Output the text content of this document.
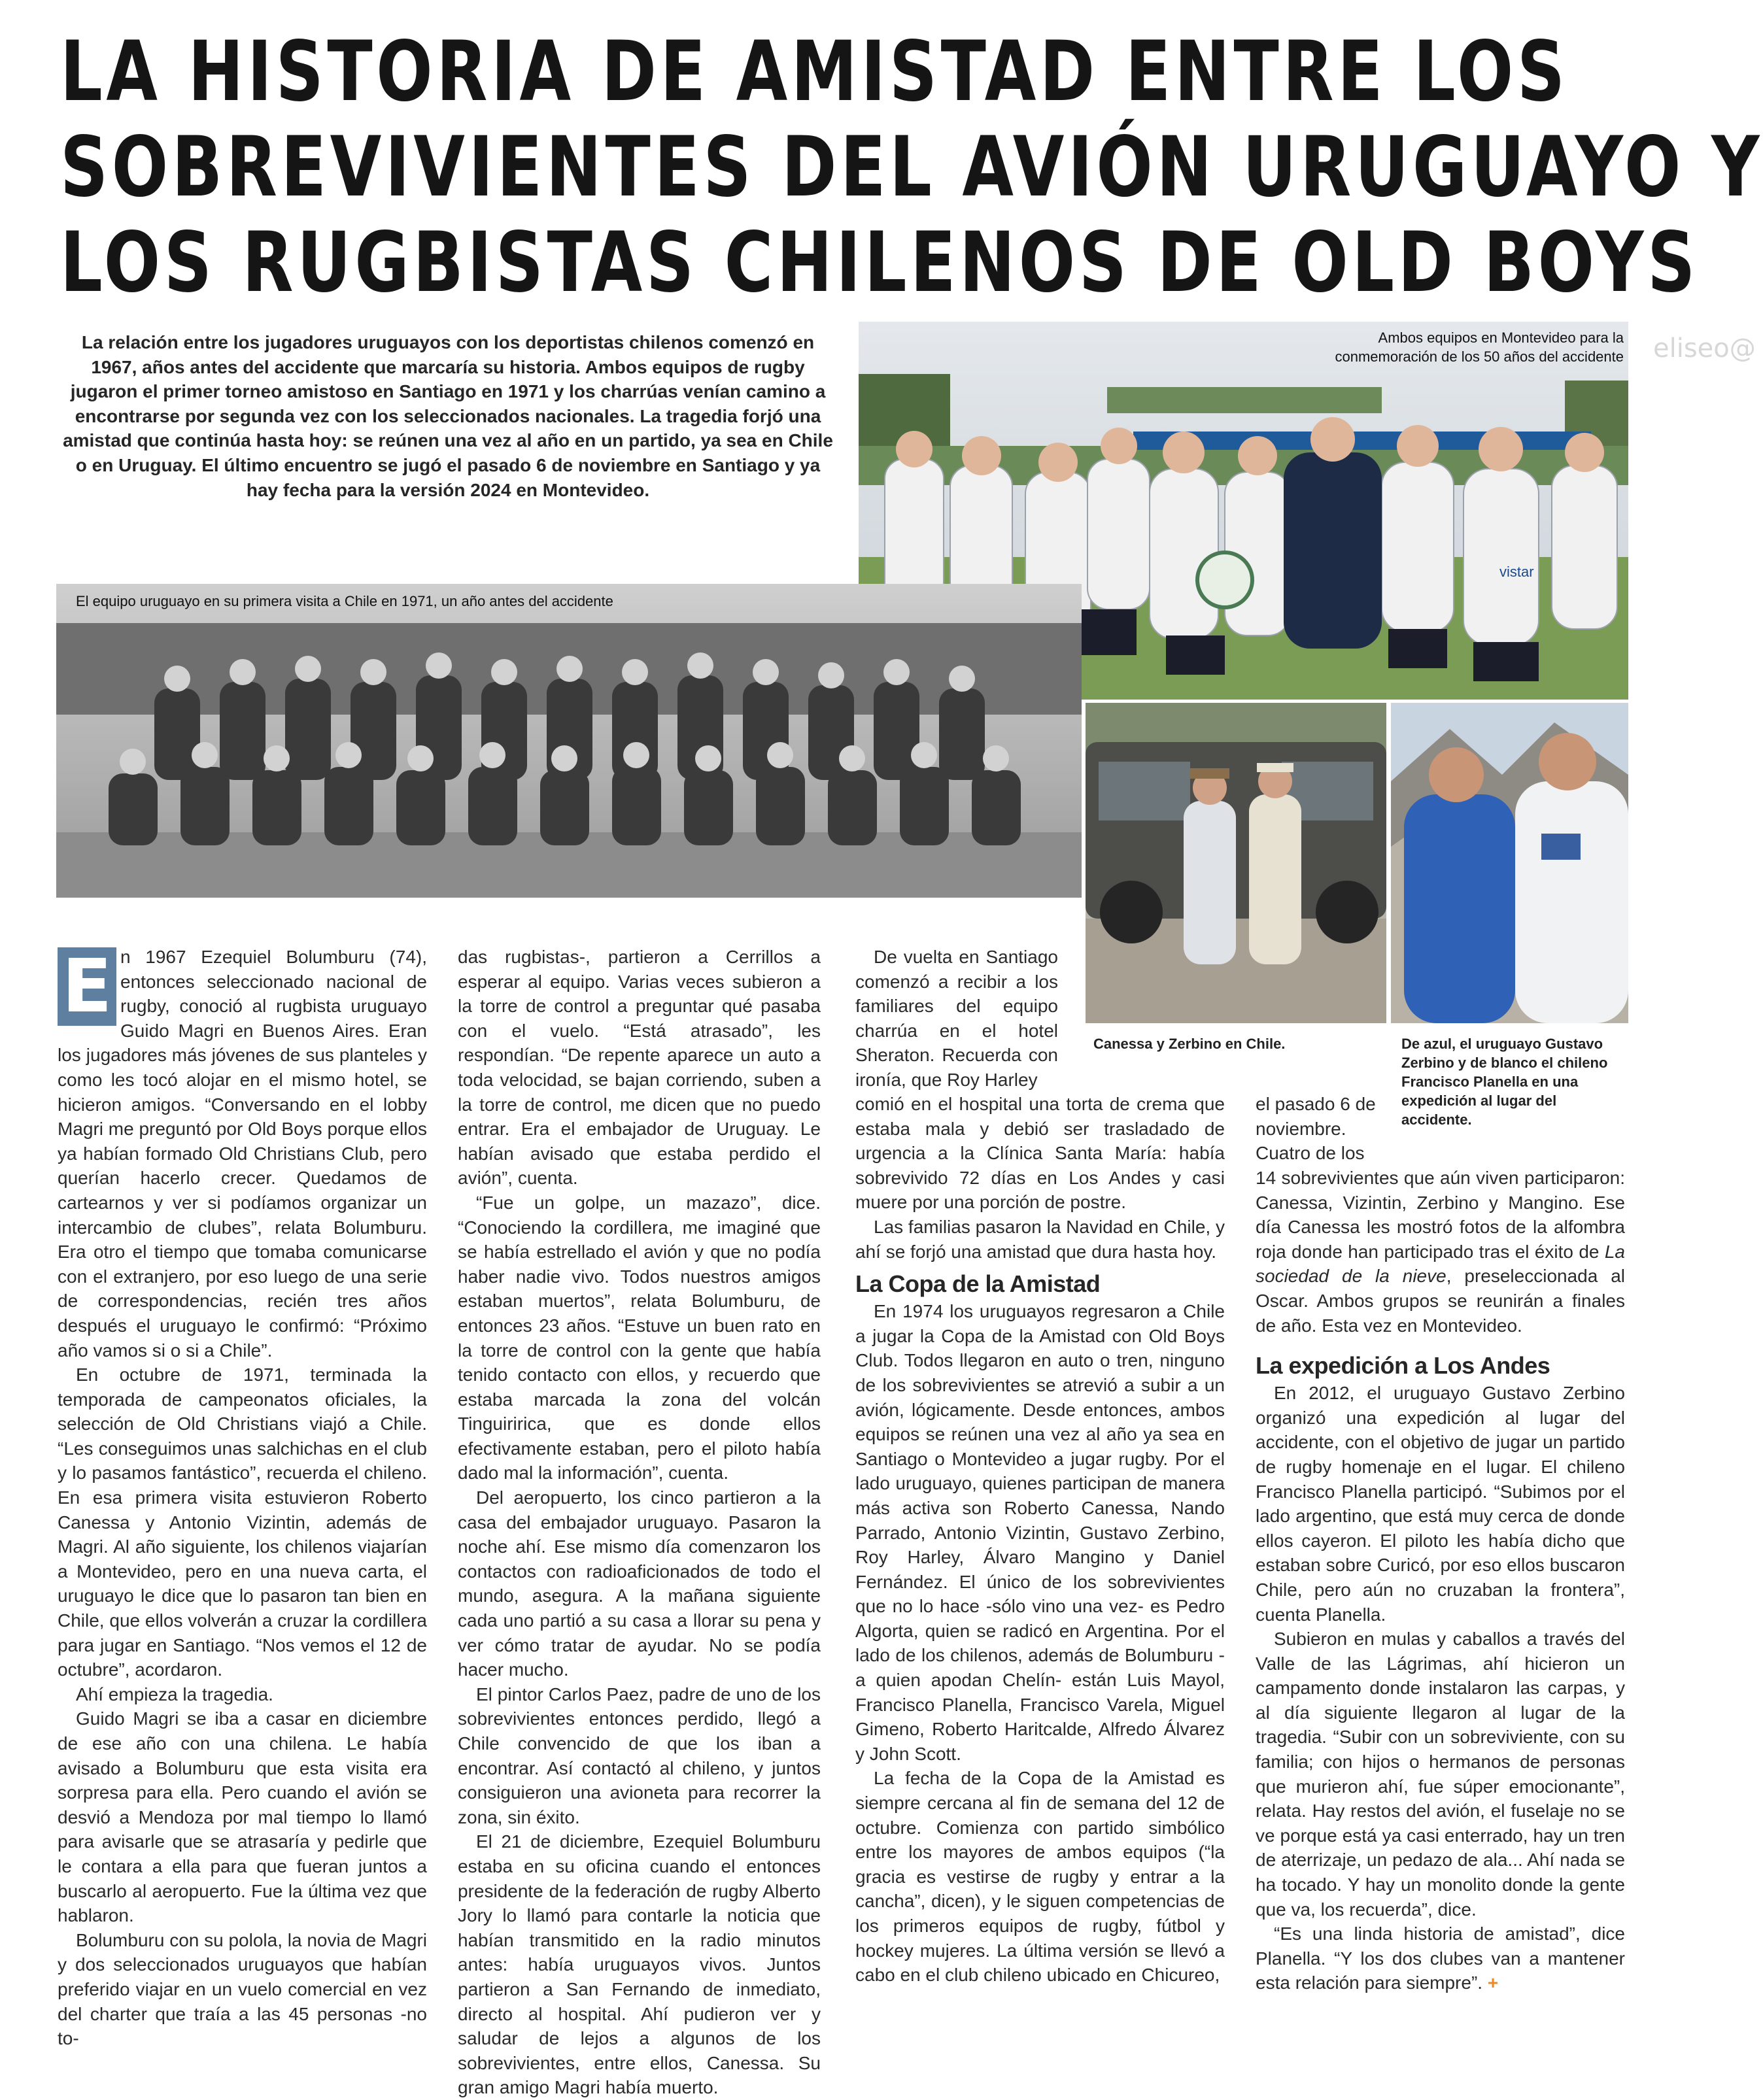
LA HISTORIA DE AMISTAD ENTRE LOS
SOBREVIVIENTES DEL AVIÓN URUGUAYO Y
LOS RUGBISTAS CHILENOS DE OLD BOYS
La relación entre los jugadores uruguayos con los deportistas chilenos comenzó en 1967, años antes del accidente que marcaría su historia. Ambos equipos de rugby jugaron el primer torneo amistoso en Santiago en 1971 y los charrúas venían camino a encontrarse por segunda vez con los seleccionados nacionales. La tragedia forjó una amistad que continúa hasta hoy: se reúnen una vez al año en un partido, ya sea en Chile o en Uruguay. El último encuentro se jugó el pasado 6 de noviembre en Santiago y ya hay fecha para la versión 2024 en Montevideo.
eliseo@
vistar
Ambos equipos en Montevideo para la conmemoración de los 50 años del accidente
El equipo uruguayo en su primera visita a Chile en 1971, un año antes del accidente
Canessa y Zerbino en Chile.	De azul, el uruguayo Gustavo Zerbino y de blanco el chileno Francisco Planella en una expedición al lugar del accidente.
E n 1967 Ezequiel Bolumburu (74), entonces seleccionado nacional de rugby, conoció al rugbista uruguayo Guido Magri en Buenos Aires. Eran los jugadores más jóvenes de sus planteles y como les tocó alojar en el mismo hotel, se hicieron amigos. “Conversando en el lobby Magri me preguntó por Old Boys porque ellos ya habían formado Old Christians Club, pero querían hacerlo crecer. Quedamos de cartearnos y ver si podíamos organizar un intercambio de clubes”, relata Bolumburu. Era otro el tiempo que tomaba comunicarse con el extranjero, por eso luego de una serie de correspondencias, recién tres años después el uruguayo le confirmó: “Próximo año vamos si o si a Chile”.

En octubre de 1971, terminada la temporada de campeonatos oficiales, la selección de Old Christians viajó a Chile. “Les conseguimos unas salchichas en el club y lo pasamos fantástico”, recuerda el chileno. En esa primera visita estuvieron Roberto Canessa y Antonio Vizintin, además de Magri. Al año siguiente, los chilenos viajarían a Montevideo, pero en una nueva carta, el uruguayo le dice que lo pasaron tan bien en Chile, que ellos volverán a cruzar la cordillera para jugar en Santiago. “Nos vemos el 12 de octubre”, acordaron.

Ahí empieza la tragedia.

Guido Magri se iba a casar en diciembre de ese año con una chilena. Le había avisado a Bolumburu que esta visita era sorpresa para ella. Pero cuando el avión se desvió a Mendoza por mal tiempo lo llamó para avisarle que se atrasaría y pedirle que le contara a ella para que fueran juntos a buscarlo al aeropuerto. Fue la última vez que hablaron.

Bolumburu con su polola, la novia de Magri y dos seleccionados uruguayos que habían preferido viajar en un vuelo comercial en vez del charter que traía a las 45 personas -no to-

das rugbistas-, partieron a Cerrillos a esperar al equipo. Varias veces subieron a la torre de control a preguntar qué pasaba con el vuelo. “Está atrasado”, les respondían. “De repente aparece un auto a toda velocidad, se bajan corriendo, suben a la torre de control, me dicen que no puedo entrar. Era el embajador de Uruguay. Le habían avisado que estaba perdido el avión”, cuenta.

“Fue un golpe, un mazazo”, dice. “Conociendo la cordillera, me imaginé que se había estrellado el avión y que no podía haber nadie vivo. Todos nuestros amigos estaban muertos”, relata Bolumburu, de entonces 23 años. “Estuve un buen rato en la torre de control con la gente que había tenido contacto con ellos, y recuerdo que estaba marcada la zona del volcán Tinguiririca, que es donde ellos efectivamente estaban, pero el piloto había dado mal la información”, cuenta.

Del aeropuerto, los cinco partieron a la casa del embajador uruguayo. Pasaron la noche ahí. Ese mismo día comenzaron los contactos con radioaficionados de todo el mundo, asegura. A la mañana siguiente cada uno partió a su casa a llorar su pena y ver cómo tratar de ayudar. No se podía hacer mucho.

El pintor Carlos Paez, padre de uno de los sobrevivientes entonces perdido, llegó a Chile convencido de que los iban a encontrar. Así contactó al chileno, y juntos consiguieron una avioneta para recorrer la zona, sin éxito.

El 21 de diciembre, Ezequiel Bolumburu estaba en su oficina cuando el entonces presidente de la federación de rugby Alberto Jory lo llamó para contarle la noticia que habían transmitido en la radio minutos antes: había uruguayos vivos. Juntos partieron a San Fernando de inmediato, directo al hospital. Ahí pudieron ver y saludar de lejos a algunos de los sobrevivientes, entre ellos, Canessa. Su gran amigo Magri había muerto.

De vuelta en Santiago comenzó a recibir a los familiares del equipo charrúa en el hotel Sheraton. Recuerda con ironía, que Roy Harley

comió en el hospital una torta de crema que estaba mala y debió ser trasladado de urgencia a la Clínica Santa María: había sobrevivido 72 días en Los Andes y casi muere por una porción de postre.

Las familias pasaron la Navidad en Chile, y ahí se forjó una amistad que dura hasta hoy.

La Copa de la Amistad

En 1974 los uruguayos regresaron a Chile a jugar la Copa de la Amistad con Old Boys Club. Todos llegaron en auto o tren, ninguno de los sobrevivientes se atrevió a subir a un avión, lógicamente. Desde entonces, ambos equipos se reúnen una vez al año ya sea en Santiago o Montevideo a jugar rugby. Por el lado uruguayo, quienes participan de manera más activa son Roberto Canessa, Nando Parrado, Antonio Vizintin, Gustavo Zerbino, Roy Harley, Álvaro Mangino y Daniel Fernández. El único de los sobrevivientes que no lo hace -sólo vino una vez- es Pedro Algorta, quien se radicó en Argentina. Por el lado de los chilenos, además de Bolumburu -a quien apodan Chelín- están Luis Mayol, Francisco Planella, Francisco Varela, Miguel Gimeno, Roberto Haritcalde, Alfredo Álvarez y John Scott.

La fecha de la Copa de la Amistad es siempre cercana al fin de semana del 12 de octubre. Comienza con partido simbólico entre los mayores de ambos equipos (“la gracia es vestirse de rugby y entrar a la cancha”, dicen), y le siguen competencias de los primeros equipos de rugby, fútbol y hockey mujeres. La última versión se llevó a cabo en el club chileno ubicado en Chicureo,

el pasado 6 de noviembre. Cuatro de los

14 sobrevivientes que aún viven participaron: Canessa, Vizintin, Zerbino y Mangino. Ese día Canessa les mostró fotos de la alfombra roja donde han participado tras el éxito de La sociedad de la nieve, preseleccionada al Oscar. Ambos grupos se reunirán a finales de año. Esta vez en Montevideo.

La expedición a Los Andes

En 2012, el uruguayo Gustavo Zerbino organizó una expedición al lugar del accidente, con el objetivo de jugar un partido de rugby homenaje en el lugar. El chileno Francisco Planella participó. “Subimos por el lado argentino, que está muy cerca de donde ellos cayeron. El piloto les había dicho que estaban sobre Curicó, por eso ellos buscaron Chile, pero aún no cruzaban la frontera”, cuenta Planella.

Subieron en mulas y caballos a través del Valle de las Lágrimas, ahí hicieron un campamento donde instalaron las carpas, y al día siguiente llegaron al lugar de la tragedia. “Subir con un sobreviviente, con su familia; con hijos o hermanos de personas que murieron ahí, fue súper emocionante”, relata. Hay restos del avión, el fuselaje no se ve porque está ya casi enterrado, hay un tren de aterrizaje, un pedazo de ala... Ahí nada se ha tocado. Y hay un monolito donde la gente que va, los recuerda”, dice.

“Es una linda historia de amistad”, dice Planella. “Y los dos clubes van a mantener esta relación para siempre”. +
